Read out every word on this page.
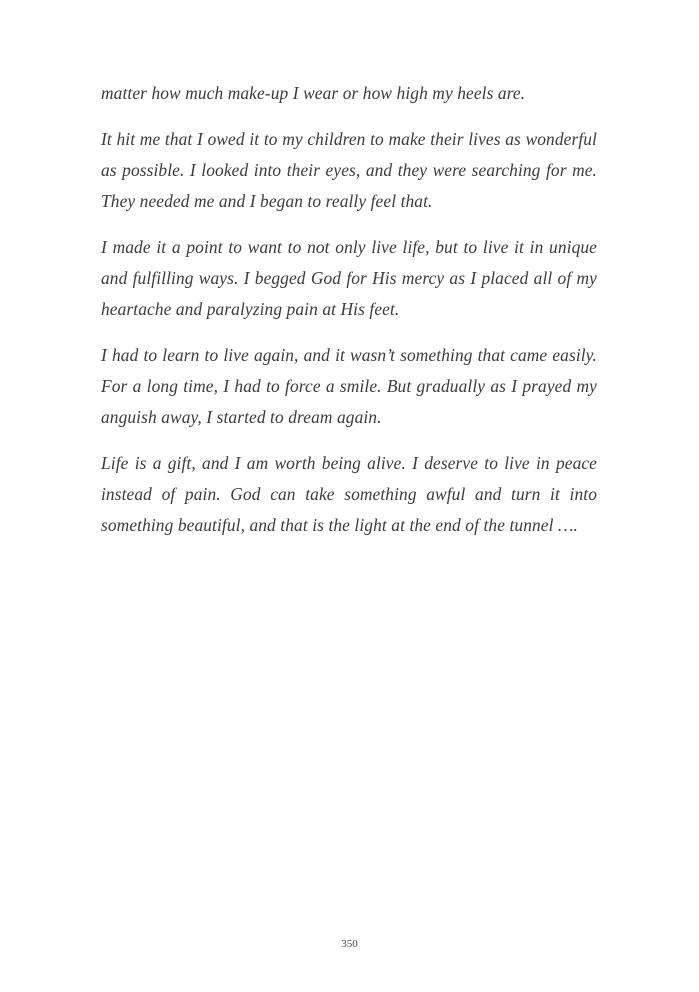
matter how much make-up I wear or how high my heels are.

It hit me that I owed it to my children to make their lives as wonderful as possible. I looked into their eyes, and they were searching for me. They needed me and I began to really feel that.

I made it a point to want to not only live life, but to live it in unique and fulfilling ways. I begged God for His mercy as I placed all of my heartache and paralyzing pain at His feet.

I had to learn to live again, and it wasn’t something that came easily. For a long time, I had to force a smile. But gradually as I prayed my anguish away, I started to dream again.

Life is a gift, and I am worth being alive. I deserve to live in peace instead of pain. God can take something awful and turn it into something beautiful, and that is the light at the end of the tunnel ….

350
